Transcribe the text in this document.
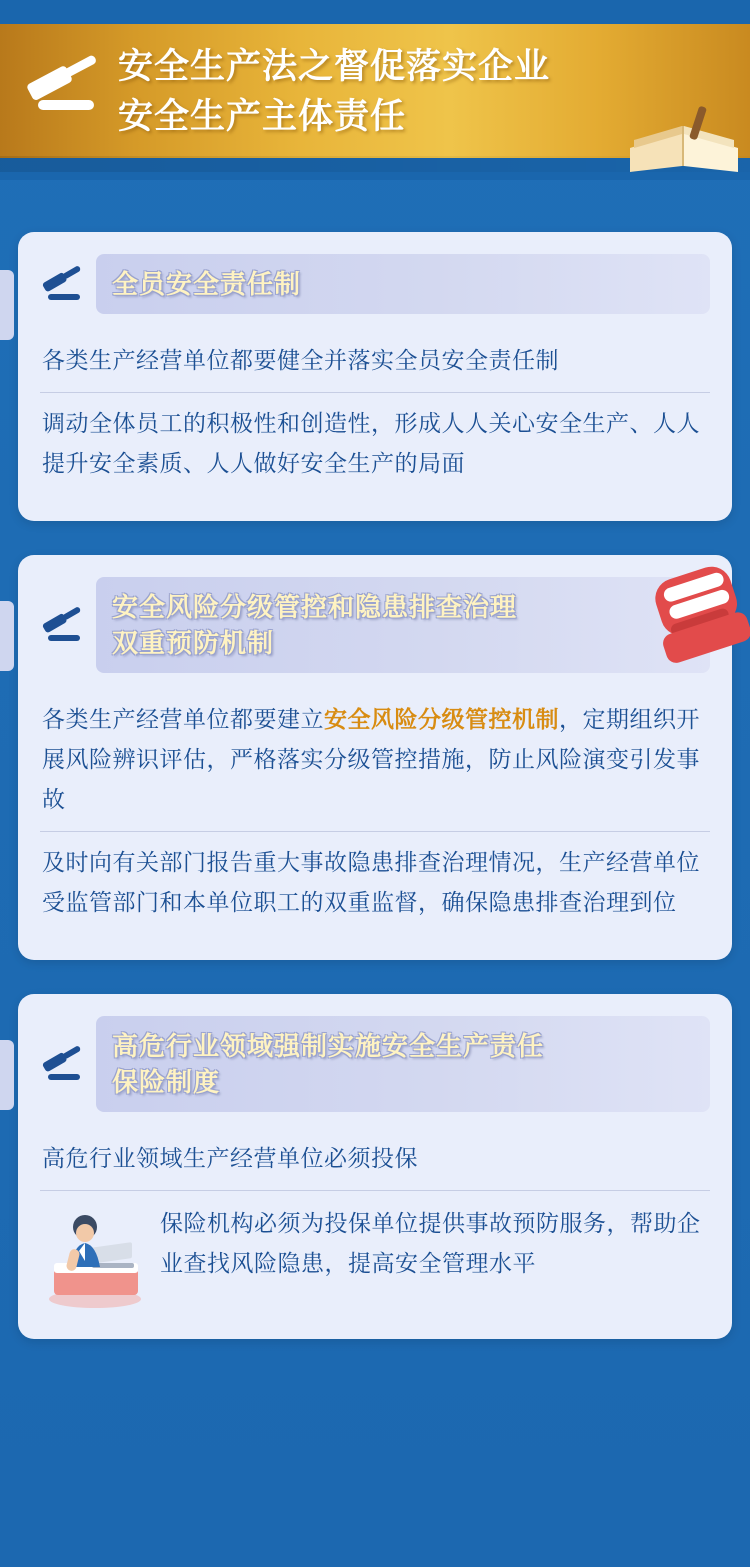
安全生产法之督促落实企业
安全生产主体责任
全员安全责任制
各类生产经营单位都要健全并落实全员安全责任制
调动全体员工的积极性和创造性，形成人人关心安全生产、人人提升安全素质、人人做好安全生产的局面
安全风险分级管控和隐患排查治理
双重预防机制
各类生产经营单位都要建立安全风险分级管控机制，定期组织开展风险辨识评估，严格落实分级管控措施，防止风险演变引发事故
及时向有关部门报告重大事故隐患排查治理情况，生产经营单位受监管部门和本单位职工的双重监督，确保隐患排查治理到位
高危行业领域强制实施安全生产责任
保险制度
高危行业领域生产经营单位必须投保
保险机构必须为投保单位提供事故预防服务，帮助企业查找风险隐患，提高安全管理水平
